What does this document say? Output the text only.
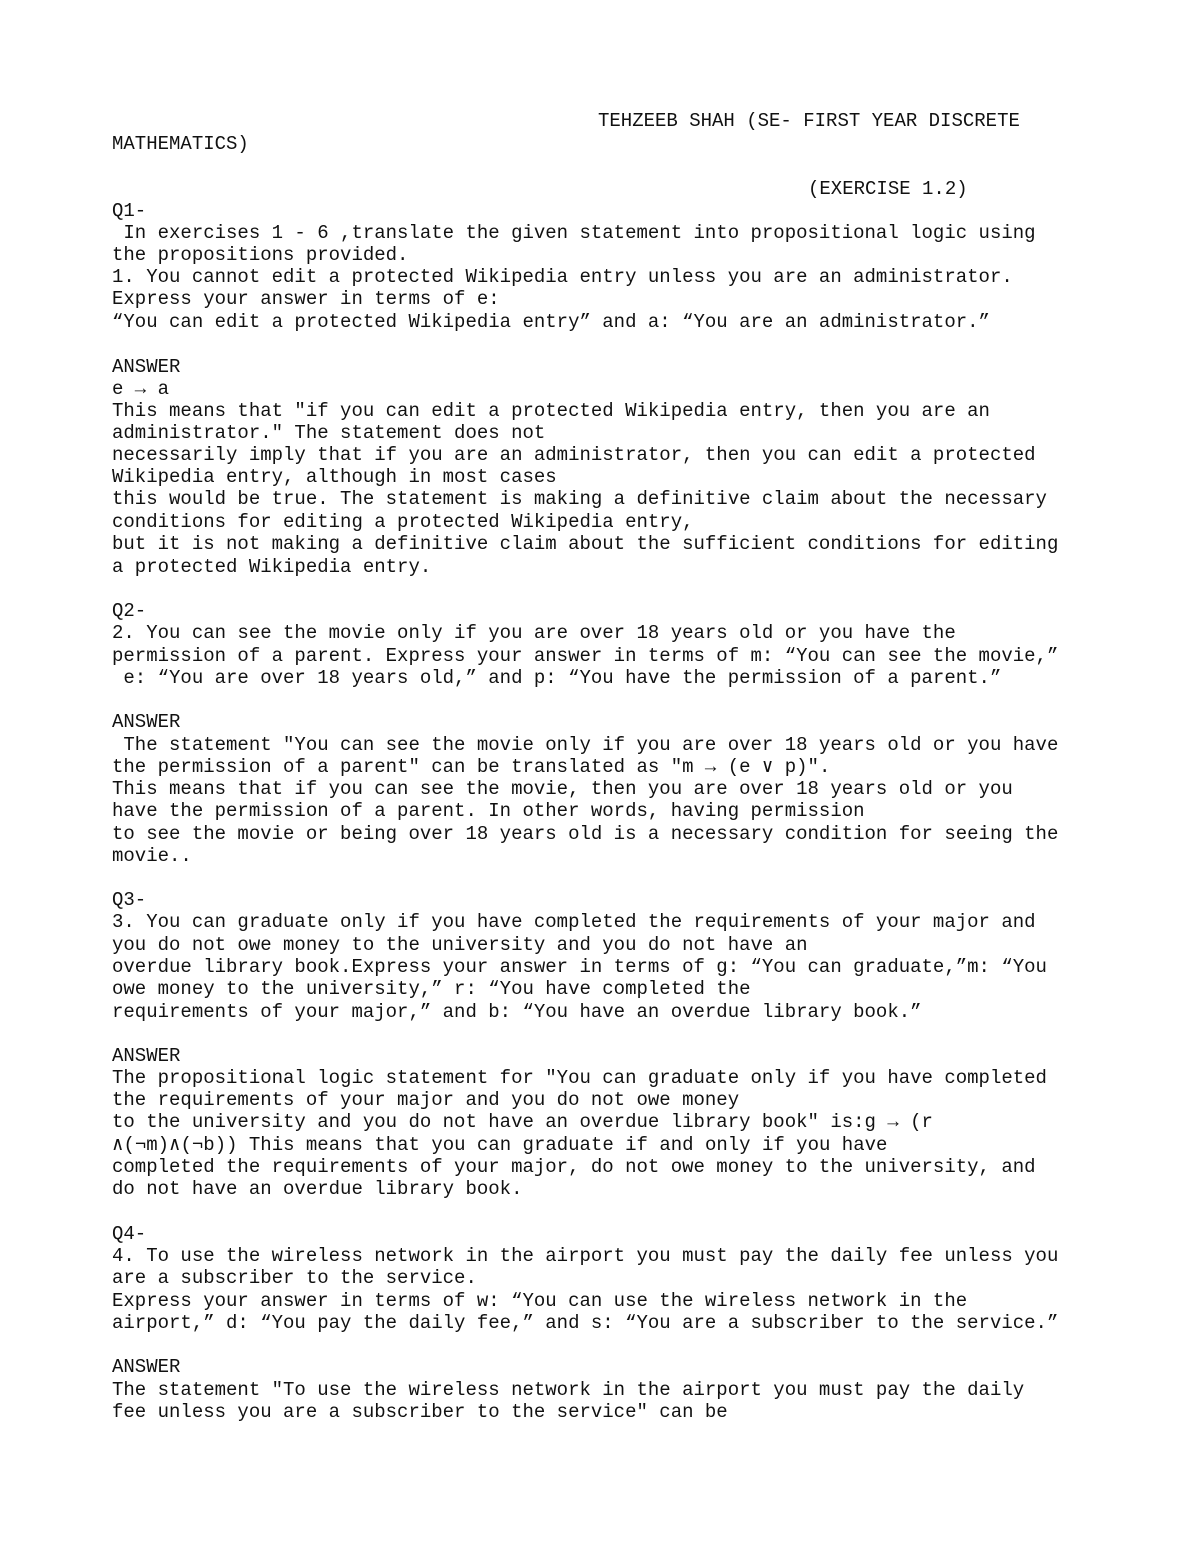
TEHZEEB SHAH (SE- FIRST YEAR DISCRETE

MATHEMATICS)

(EXERCISE 1.2)

Q1-

In exercises 1 - 6 ,translate the given statement into propositional logic using

the propositions provided.

1. You cannot edit a protected Wikipedia entry unless you are an administrator.

Express your answer in terms of e:

“You can edit a protected Wikipedia entry” and a: “You are an administrator.”

ANSWER

e → a

This means that "if you can edit a protected Wikipedia entry, then you are an

administrator." The statement does not

necessarily imply that if you are an administrator, then you can edit a protected

Wikipedia entry, although in most cases

this would be true. The statement is making a definitive claim about the necessary

conditions for editing a protected Wikipedia entry,

but it is not making a definitive claim about the sufficient conditions for editing

a protected Wikipedia entry.

Q2-

2. You can see the movie only if you are over 18 years old or you have the

permission of a parent. Express your answer in terms of m: “You can see the movie,”

e: “You are over 18 years old,” and p: “You have the permission of a parent.”

ANSWER

The statement "You can see the movie only if you are over 18 years old or you have

the permission of a parent" can be translated as "m → (e ∨ p)".

This means that if you can see the movie, then you are over 18 years old or you

have the permission of a parent. In other words, having permission

to see the movie or being over 18 years old is a necessary condition for seeing the

movie..

Q3-

3. You can graduate only if you have completed the requirements of your major and

you do not owe money to the university and you do not have an

overdue library book.Express your answer in terms of g: “You can graduate,”m: “You

owe money to the university,” r: “You have completed the

requirements of your major,” and b: “You have an overdue library book.”

ANSWER

The propositional logic statement for "You can graduate only if you have completed

the requirements of your major and you do not owe money

to the university and you do not have an overdue library book" is:g → (r

∧(¬m)∧(¬b)) This means that you can graduate if and only if you have

completed the requirements of your major, do not owe money to the university, and

do not have an overdue library book.

Q4-

4. To use the wireless network in the airport you must pay the daily fee unless you

are a subscriber to the service.

Express your answer in terms of w: “You can use the wireless network in the

airport,” d: “You pay the daily fee,” and s: “You are a subscriber to the service.”

ANSWER

The statement "To use the wireless network in the airport you must pay the daily

fee unless you are a subscriber to the service" can be
